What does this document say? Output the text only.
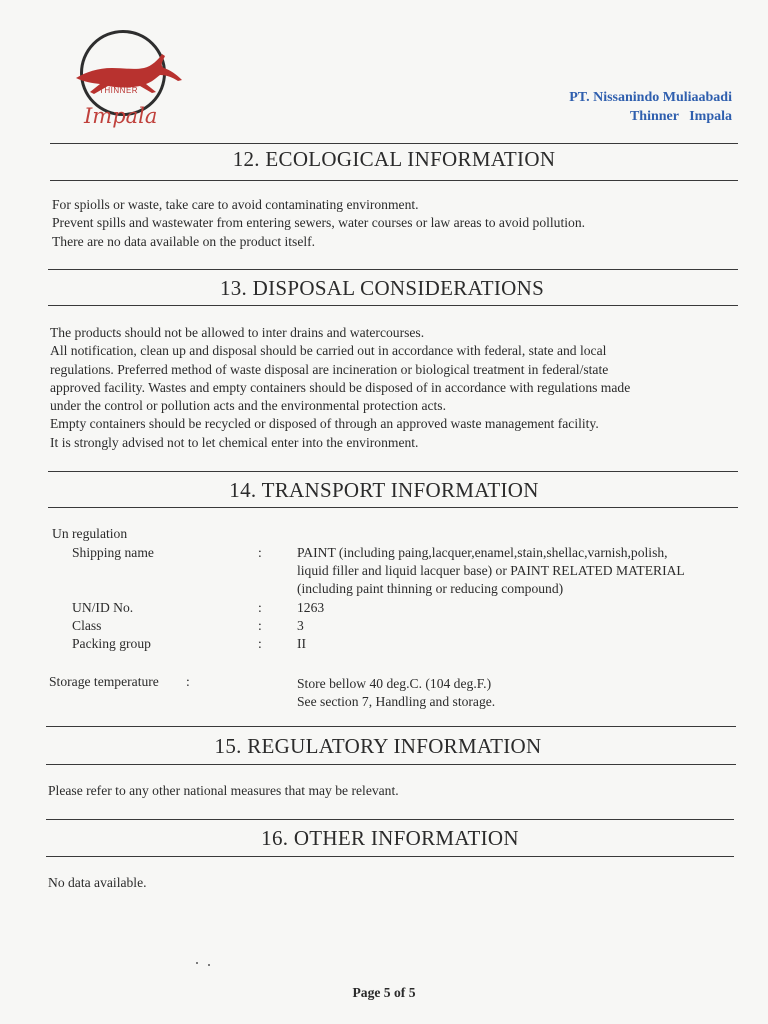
THINNER
Impala
PT. Nissanindo Muliaabadi
Thinner   Impala
12. ECOLOGICAL INFORMATION

For spiolls or waste, take care to avoid contaminating environment.

Prevent spills and wastewater from entering sewers, water courses or law areas to avoid pollution.

There are no data available on the product itself.

13. DISPOSAL CONSIDERATIONS

The products should not be allowed to inter drains and watercourses.

All notification, clean up and disposal should be carried out in accordance with federal, state and local

regulations. Preferred method of waste disposal are incineration or biological treatment in federal/state

approved facility. Wastes and empty containers should be disposed of in accordance with regulations made

under the control or pollution acts and the environmental protection acts.

Empty containers should be recycled or disposed of through an approved waste management facility.

It is strongly advised not to let chemical enter into the environment.

14. TRANSPORT INFORMATION
Un regulation
Shipping name	:	PAINT (including paing,lacquer,enamel,stain,shellac,varnish,polish,
liquid filler and liquid lacquer base) or PAINT RELATED MATERIAL
(including paint thinning or reducing compound)
UN/ID No.	:	1263
Class	:	3
Packing group	:	II
Storage temperature :	Store bellow 40 deg.C. (104 deg.F.)
See section 7, Handling and storage.
15. REGULATORY INFORMATION

Please refer to any other national measures that may be relevant.

16. OTHER INFORMATION

No data available.

Page 5 of 5
